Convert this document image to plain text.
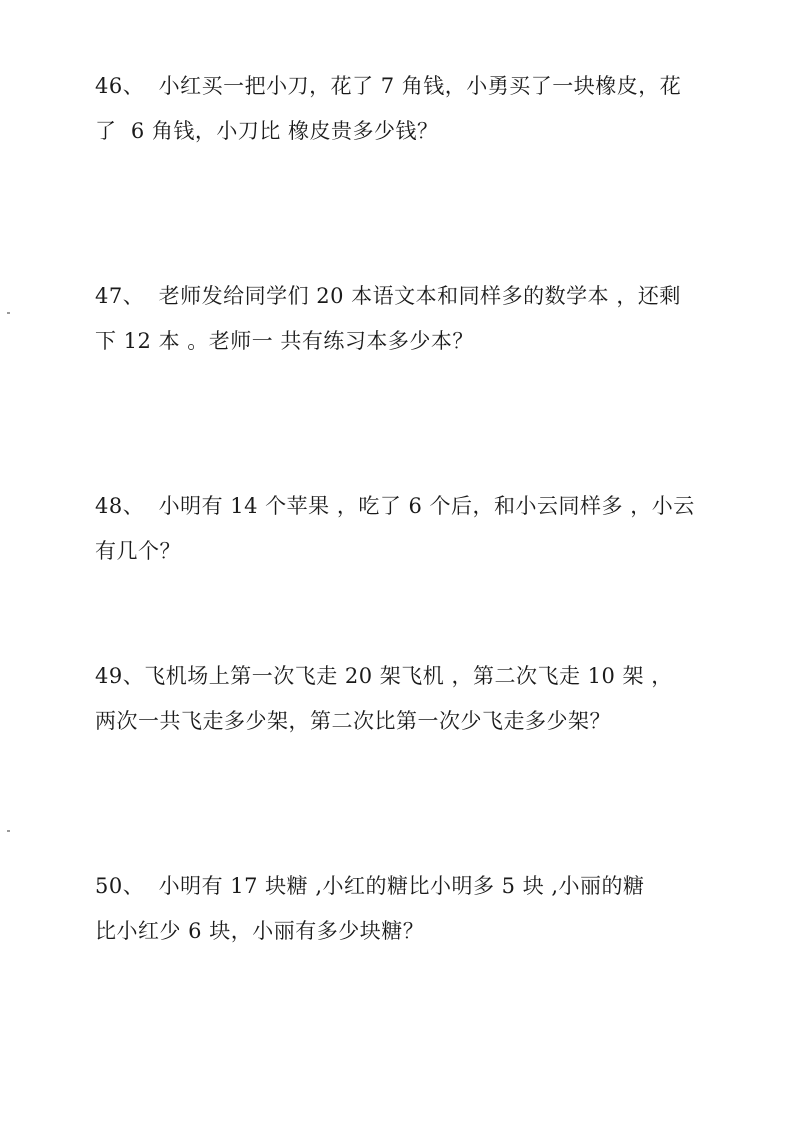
46、  小红买一把小刀，花了 7 角钱，小勇买了一块橡皮，花
了  6 角钱，小刀比 橡皮贵多少钱？
47、  老师发给同学们 20 本语文本和同样多的数学本 ，还剩
下 12 本 。老师一 共有练习本多少本？
48、  小明有 14 个苹果 ，吃了 6 个后，和小云同样多 ，小云
有几个？
49、飞机场上第一次飞走 20 架飞机 ，第二次飞走 10 架 ，
两次一共飞走多少架，第二次比第一次少飞走多少架？
50、  小明有 17 块糖 ,小红的糖比小明多 5 块 ,小丽的糖
比小红少 6 块，小丽有多少块糖？
